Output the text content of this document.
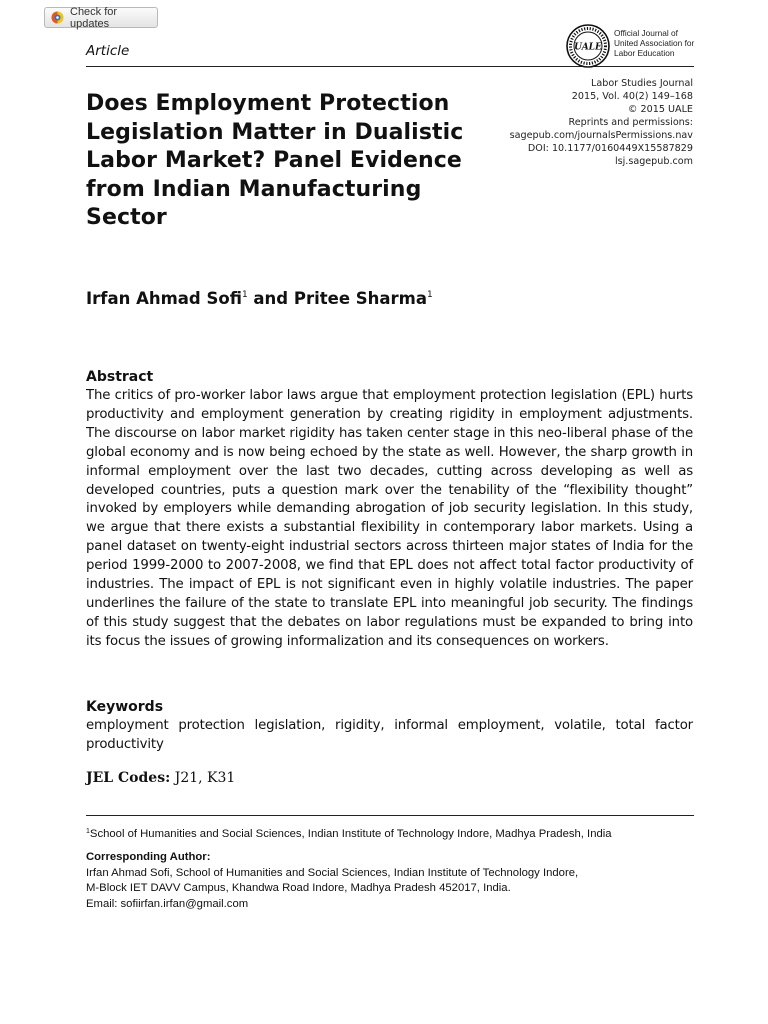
Check for updates
Article	UALE
Official Journal of
United Association for
Labor Education
Does Employment Protection Legislation Matter in Dualistic Labor Market? Panel Evidence from Indian Manufacturing Sector
Labor Studies Journal
2015, Vol. 40(2) 149–168
© 2015 UALE
Reprints and permissions:
sagepub.com/journalsPermissions.nav
DOI: 10.1177/0160449X15587829
lsj.sagepub.com
Irfan Ahmad Sofi$^1$ and Pritee Sharma$^1$
Abstract
The critics of pro-worker labor laws argue that employment protection legislation (EPL) hurts productivity and employment generation by creating rigidity in employment adjustments. The discourse on labor market rigidity has taken center stage in this neo-liberal phase of the global economy and is now being echoed by the state as well. However, the sharp growth in informal employment over the last two decades, cutting across developing as well as developed countries, puts a question mark over the tenability of the “flexibility thought” invoked by employers while demanding abrogation of job security legislation. In this study, we argue that there exists a substantial flexibility in contemporary labor markets. Using a panel dataset on twenty-eight industrial sectors across thirteen major states of India for the period 1999-2000 to 2007-2008, we find that EPL does not affect total factor productivity of industries. The impact of EPL is not significant even in highly volatile industries. The paper underlines the failure of the state to translate EPL into meaningful job security. The findings of this study suggest that the debates on labor regulations must be expanded to bring into its focus the issues of growing informalization and its consequences on workers.
Keywords
employment protection legislation, rigidity, informal employment, volatile, total factor productivity
JEL Codes: J21, K31
$^1$School of Humanities and Social Sciences, Indian Institute of Technology Indore, Madhya Pradesh, India
Corresponding Author:
Irfan Ahmad Sofi, School of Humanities and Social Sciences, Indian Institute of Technology Indore,
M-Block IET DAVV Campus, Khandwa Road Indore, Madhya Pradesh 452017, India.
Email: sofiirfan.irfan@gmail.com
